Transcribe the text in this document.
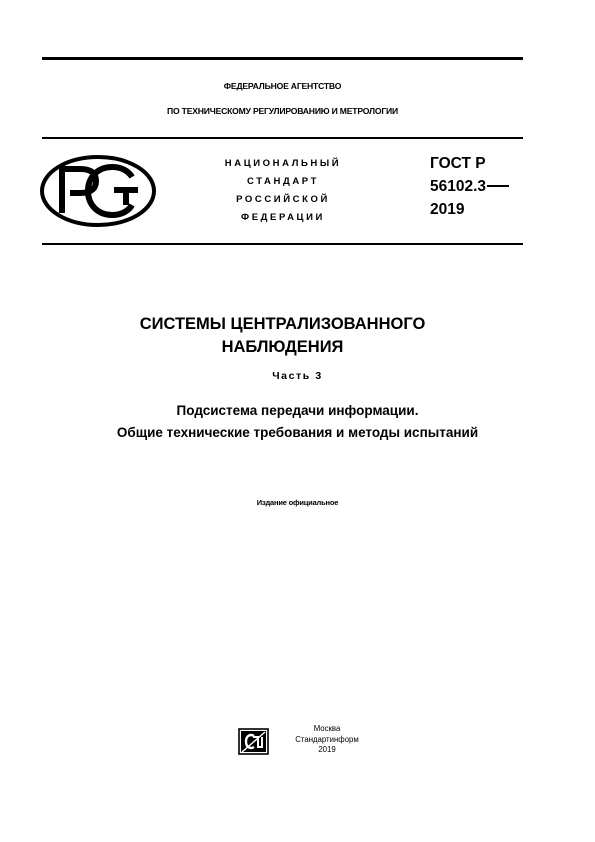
ФЕДЕРАЛЬНОЕ АГЕНТСТВО
ПО ТЕХНИЧЕСКОМУ РЕГУЛИРОВАНИЮ И МЕТРОЛОГИИ
НАЦИОНАЛЬНЫЙ
СТАНДАРТ
РОССИЙСКОЙ
ФЕДЕРАЦИИ
ГОСТ Р
56102.3
2019
СИСТЕМЫ ЦЕНТРАЛИЗОВАННОГО
НАБЛЮДЕНИЯ
Часть 3
Подсистема передачи информации.
Общие технические требования и методы испытаний
Издание официальное
Москва
Стандартинформ
2019
